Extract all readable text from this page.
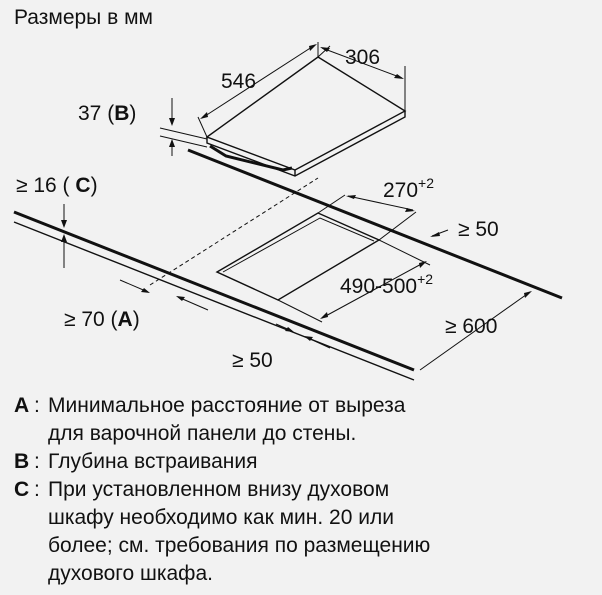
Размеры в мм
306
546
37 (B)
$270^{+2}$
≥ 50
$490-500^{+2}$
≥ 16 ( C)
≥ 70 (A)	≥ 600
≥ 50
A : Минимальное расстояние от выреза
для варочной панели до стены.
B : Глубина встраивания
C : При установленном внизу духовом
шкафу необходимо как мин. 20 или
более; см. требования по размещению
духового шкафа.
